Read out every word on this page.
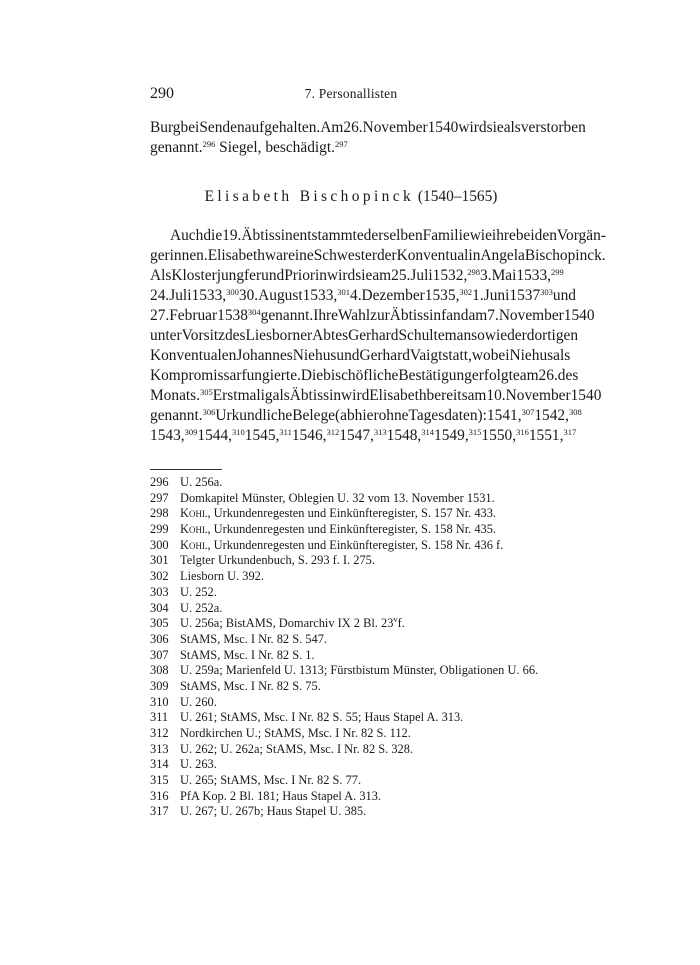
290	7. Personallisten
Burg bei Senden aufgehalten. Am 26. November 1540 wird sie als verstorben
genannt.$^{296}$ Siegel, beschädigt.$^{297}$
Elisabeth Bischopinck (1540–1565)
Auch die 19. Äbtissin entstammte derselben Familie wie ihre beiden Vorgän-
gerinnen. Elisabeth war eine Schwester der Konventualin Angela Bischopinck.
Als Klosterjungfer und Priorin wird sie am 25. Juli 1532,$^{298}$ 3. Mai 1533,$^{299}$
24. Juli 1533,$^{300}$ 30. August 1533,$^{301}$ 4. Dezember 1535,$^{302}$ 1. Juni 1537$^{303}$ und
27. Februar 1538$^{304}$ genannt. Ihre Wahl zur Äbtissin fand am 7. November 1540
unter Vorsitz des Liesborner Abtes Gerhard Schulteman sowie der dortigen
Konventualen Johannes Niehus und Gerhard Vaigt statt, wobei Niehus als
Kompromissar fungierte. Die bischöfliche Bestätigung erfolgte am 26. des
Monats.$^{305}$ Erstmalig als Äbtissin wird Elisabeth bereits am 10. November 1540
genannt.$^{306}$ Urkundliche Belege (ab hier ohne Tagesdaten): 1541,$^{307}$ 1542,$^{308}$
1543,$^{309}$ 1544,$^{310}$ 1545,$^{311}$ 1546,$^{312}$ 1547,$^{313}$ 1548,$^{314}$ 1549,$^{315}$ 1550,$^{316}$ 1551,$^{317}$
296 U. 256a.
297 Domkapitel Münster, Oblegien U. 32 vom 13. November 1531.
298 Kohl, Urkundenregesten und Einkünfteregister, S. 157 Nr. 433.
299 Kohl, Urkundenregesten und Einkünfteregister, S. 158 Nr. 435.
300 Kohl, Urkundenregesten und Einkünfteregister, S. 158 Nr. 436 f.
301 Telgter Urkundenbuch, S. 293 f. I. 275.
302 Liesborn U. 392.
303 U. 252.
304 U. 252a.
305 U. 256a; BistAMS, Domarchiv IX 2 Bl. 23$^v$f.
306 StAMS, Msc. I Nr. 82 S. 547.
307 StAMS, Msc. I Nr. 82 S. 1.
308 U. 259a; Marienfeld U. 1313; Fürstbistum Münster, Obligationen U. 66.
309 StAMS, Msc. I Nr. 82 S. 75.
310 U. 260.
311 U. 261; StAMS, Msc. I Nr. 82 S. 55; Haus Stapel A. 313.
312 Nordkirchen U.; StAMS, Msc. I Nr. 82 S. 112.
313 U. 262; U. 262a; StAMS, Msc. I Nr. 82 S. 328.
314 U. 263.
315 U. 265; StAMS, Msc. I Nr. 82 S. 77.
316 PfA Kop. 2 Bl. 181; Haus Stapel A. 313.
317 U. 267; U. 267b; Haus Stapel U. 385.
